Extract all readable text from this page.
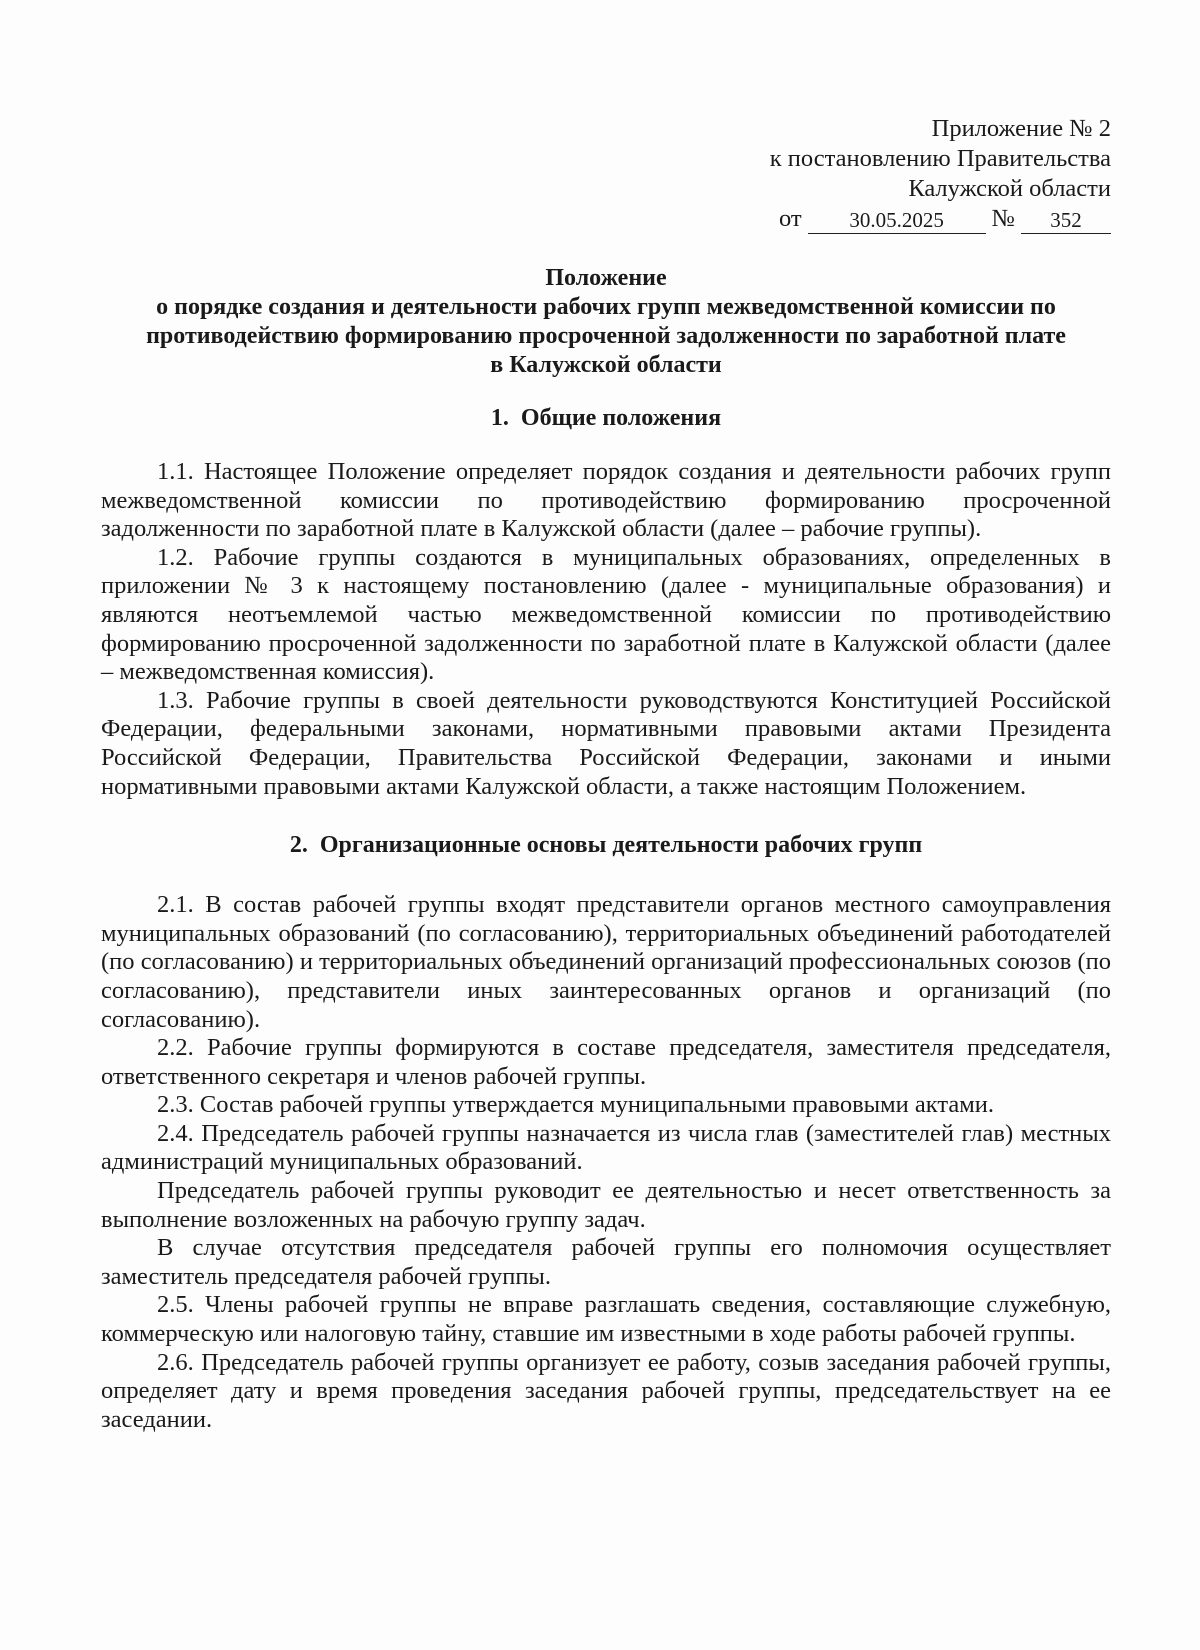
Приложение № 2
к постановлению Правительства
Калужской области
от	30.05.2025	№	352
Положение
о порядке создания и деятельности рабочих групп межведомственной комиссии по
противодействию формированию просроченной задолженности по заработной плате
в Калужской области
1. Общие положения

1.1. Настоящее Положение определяет порядок создания и деятельности рабочих групп межведомственной комиссии по противодействию формированию просроченной задолженности по заработной плате в Калужской области (далее – рабочие группы).

1.2. Рабочие группы создаются в муниципальных образованиях, определенных в приложении № 3 к настоящему постановлению (далее - муниципальные образования) и являются неотъемлемой частью межведомственной комиссии по противодействию формированию просроченной задолженности по заработной плате в Калужской области (далее – межведомственная комиссия).

1.3. Рабочие группы в своей деятельности руководствуются Конституцией Российской Федерации, федеральными законами, нормативными правовыми актами Президента Российской Федерации, Правительства Российской Федерации, законами и иными нормативными правовыми актами Калужской области, а также настоящим Положением.

2. Организационные основы деятельности рабочих групп

2.1. В состав рабочей группы входят представители органов местного самоуправления муниципальных образований (по согласованию), территориальных объединений работодателей (по согласованию) и территориальных объединений организаций профессиональных союзов (по согласованию), представители иных заинтересованных органов и организаций (по согласованию).

2.2. Рабочие группы формируются в составе председателя, заместителя председателя, ответственного секретаря и членов рабочей группы.

2.3. Состав рабочей группы утверждается муниципальными правовыми актами.

2.4. Председатель рабочей группы назначается из числа глав (заместителей глав) местных администраций муниципальных образований.

Председатель рабочей группы руководит ее деятельностью и несет ответственность за выполнение возложенных на рабочую группу задач.

В случае отсутствия председателя рабочей группы его полномочия осуществляет заместитель председателя рабочей группы.

2.5. Члены рабочей группы не вправе разглашать сведения, составляющие служебную, коммерческую или налоговую тайну, ставшие им известными в ходе работы рабочей группы.

2.6. Председатель рабочей группы организует ее работу, созыв заседания рабочей группы, определяет дату и время проведения заседания рабочей группы, председательствует на ее заседании.
